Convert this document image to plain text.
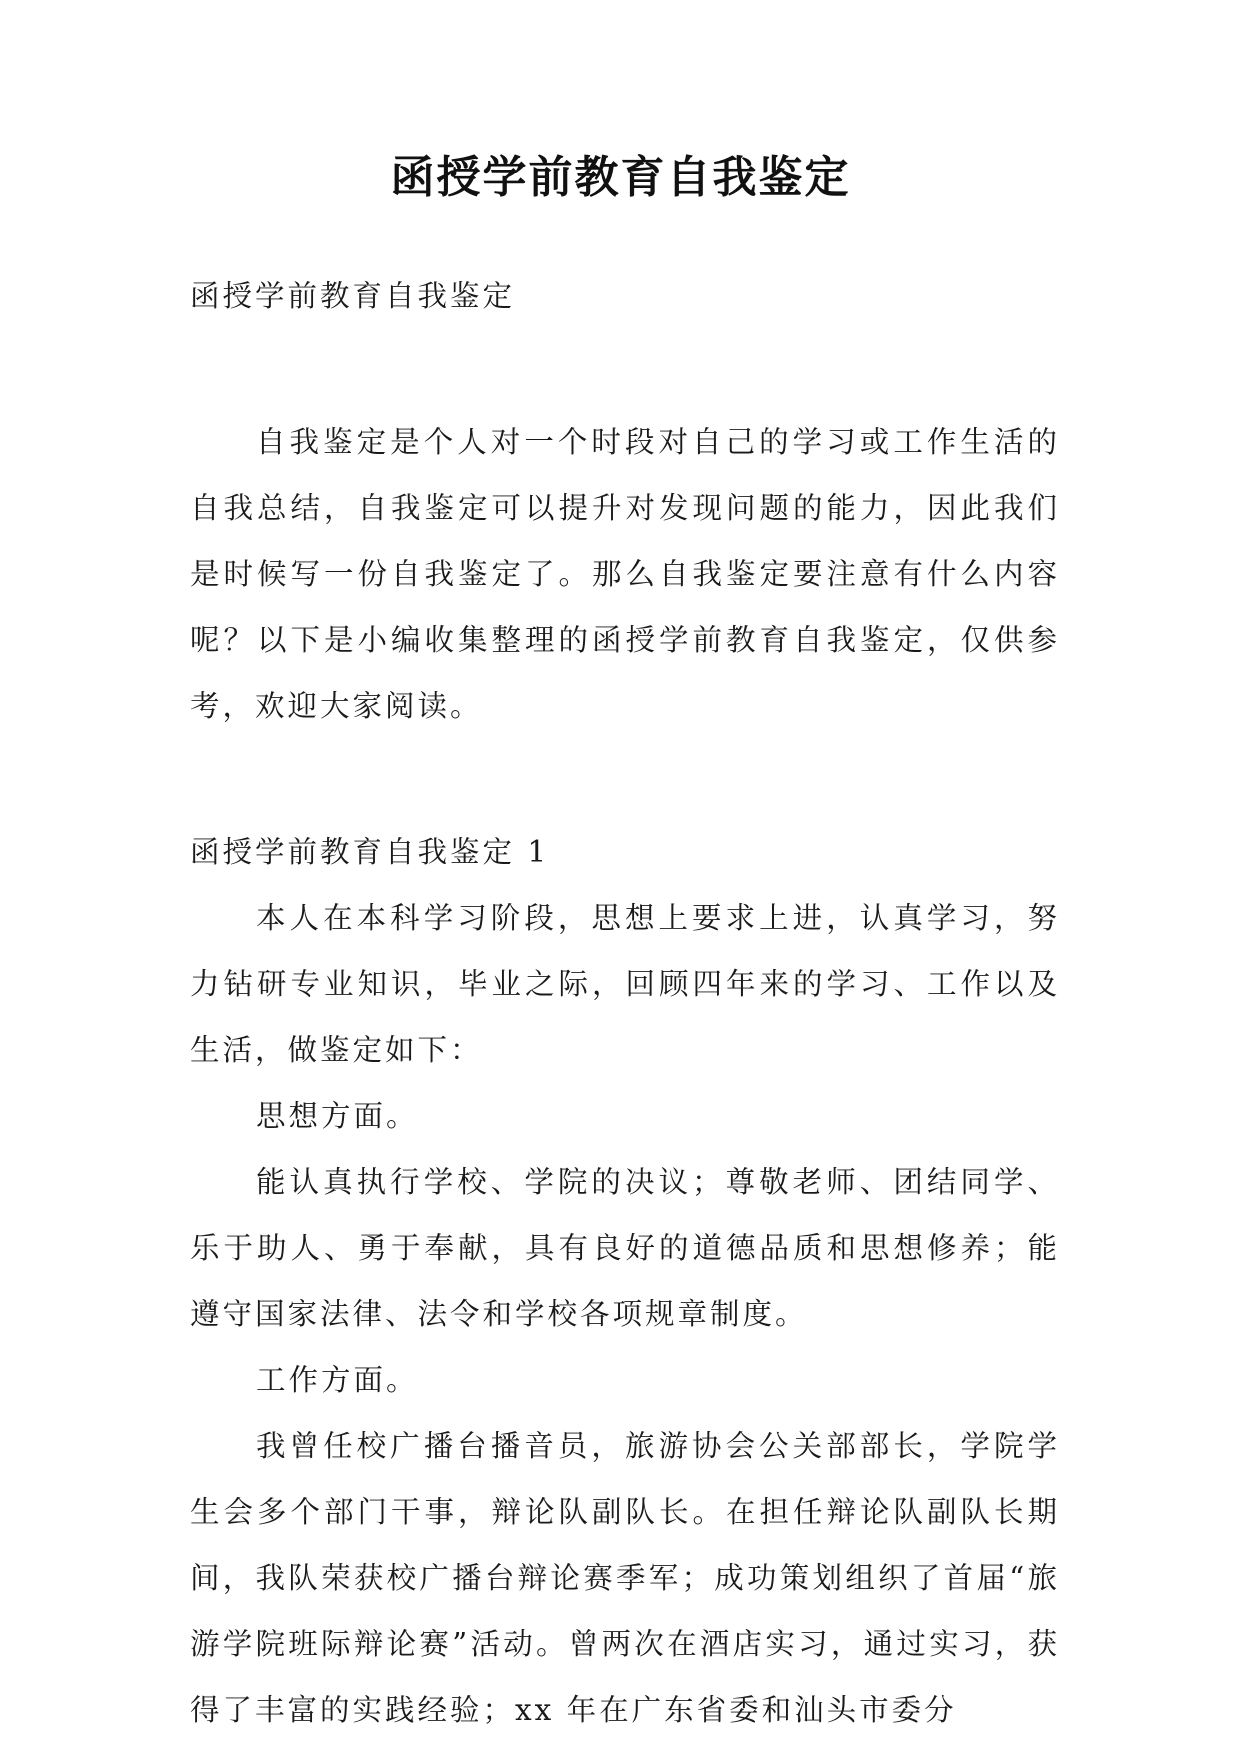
函授学前教育自我鉴定

函授学前教育自我鉴定

自我鉴定是个人对一个时段对自己的学习或工作生活的自我总结，自我鉴定可以提升对发现问题的能力，因此我们是时候写一份自我鉴定了。那么自我鉴定要注意有什么内容呢？以下是小编收集整理的函授学前教育自我鉴定，仅供参考，欢迎大家阅读。

函授学前教育自我鉴定 1

本人在本科学习阶段，思想上要求上进，认真学习，努力钻研专业知识，毕业之际，回顾四年来的学习、工作以及生活，做鉴定如下：

思想方面。

能认真执行学校、学院的决议；尊敬老师、团结同学、乐于助人、勇于奉献，具有良好的道德品质和思想修养；能遵守国家法律、法令和学校各项规章制度。

工作方面。

我曾任校广播台播音员，旅游协会公关部部长，学院学生会多个部门干事，辩论队副队长。在担任辩论队副队长期间，我队荣获校广播台辩论赛季军；成功策划组织了首届“旅游学院班际辩论赛”活动。曾两次在酒店实习，通过实习，获得了丰富的实践经验；xx 年在广东省委和汕头市委分
